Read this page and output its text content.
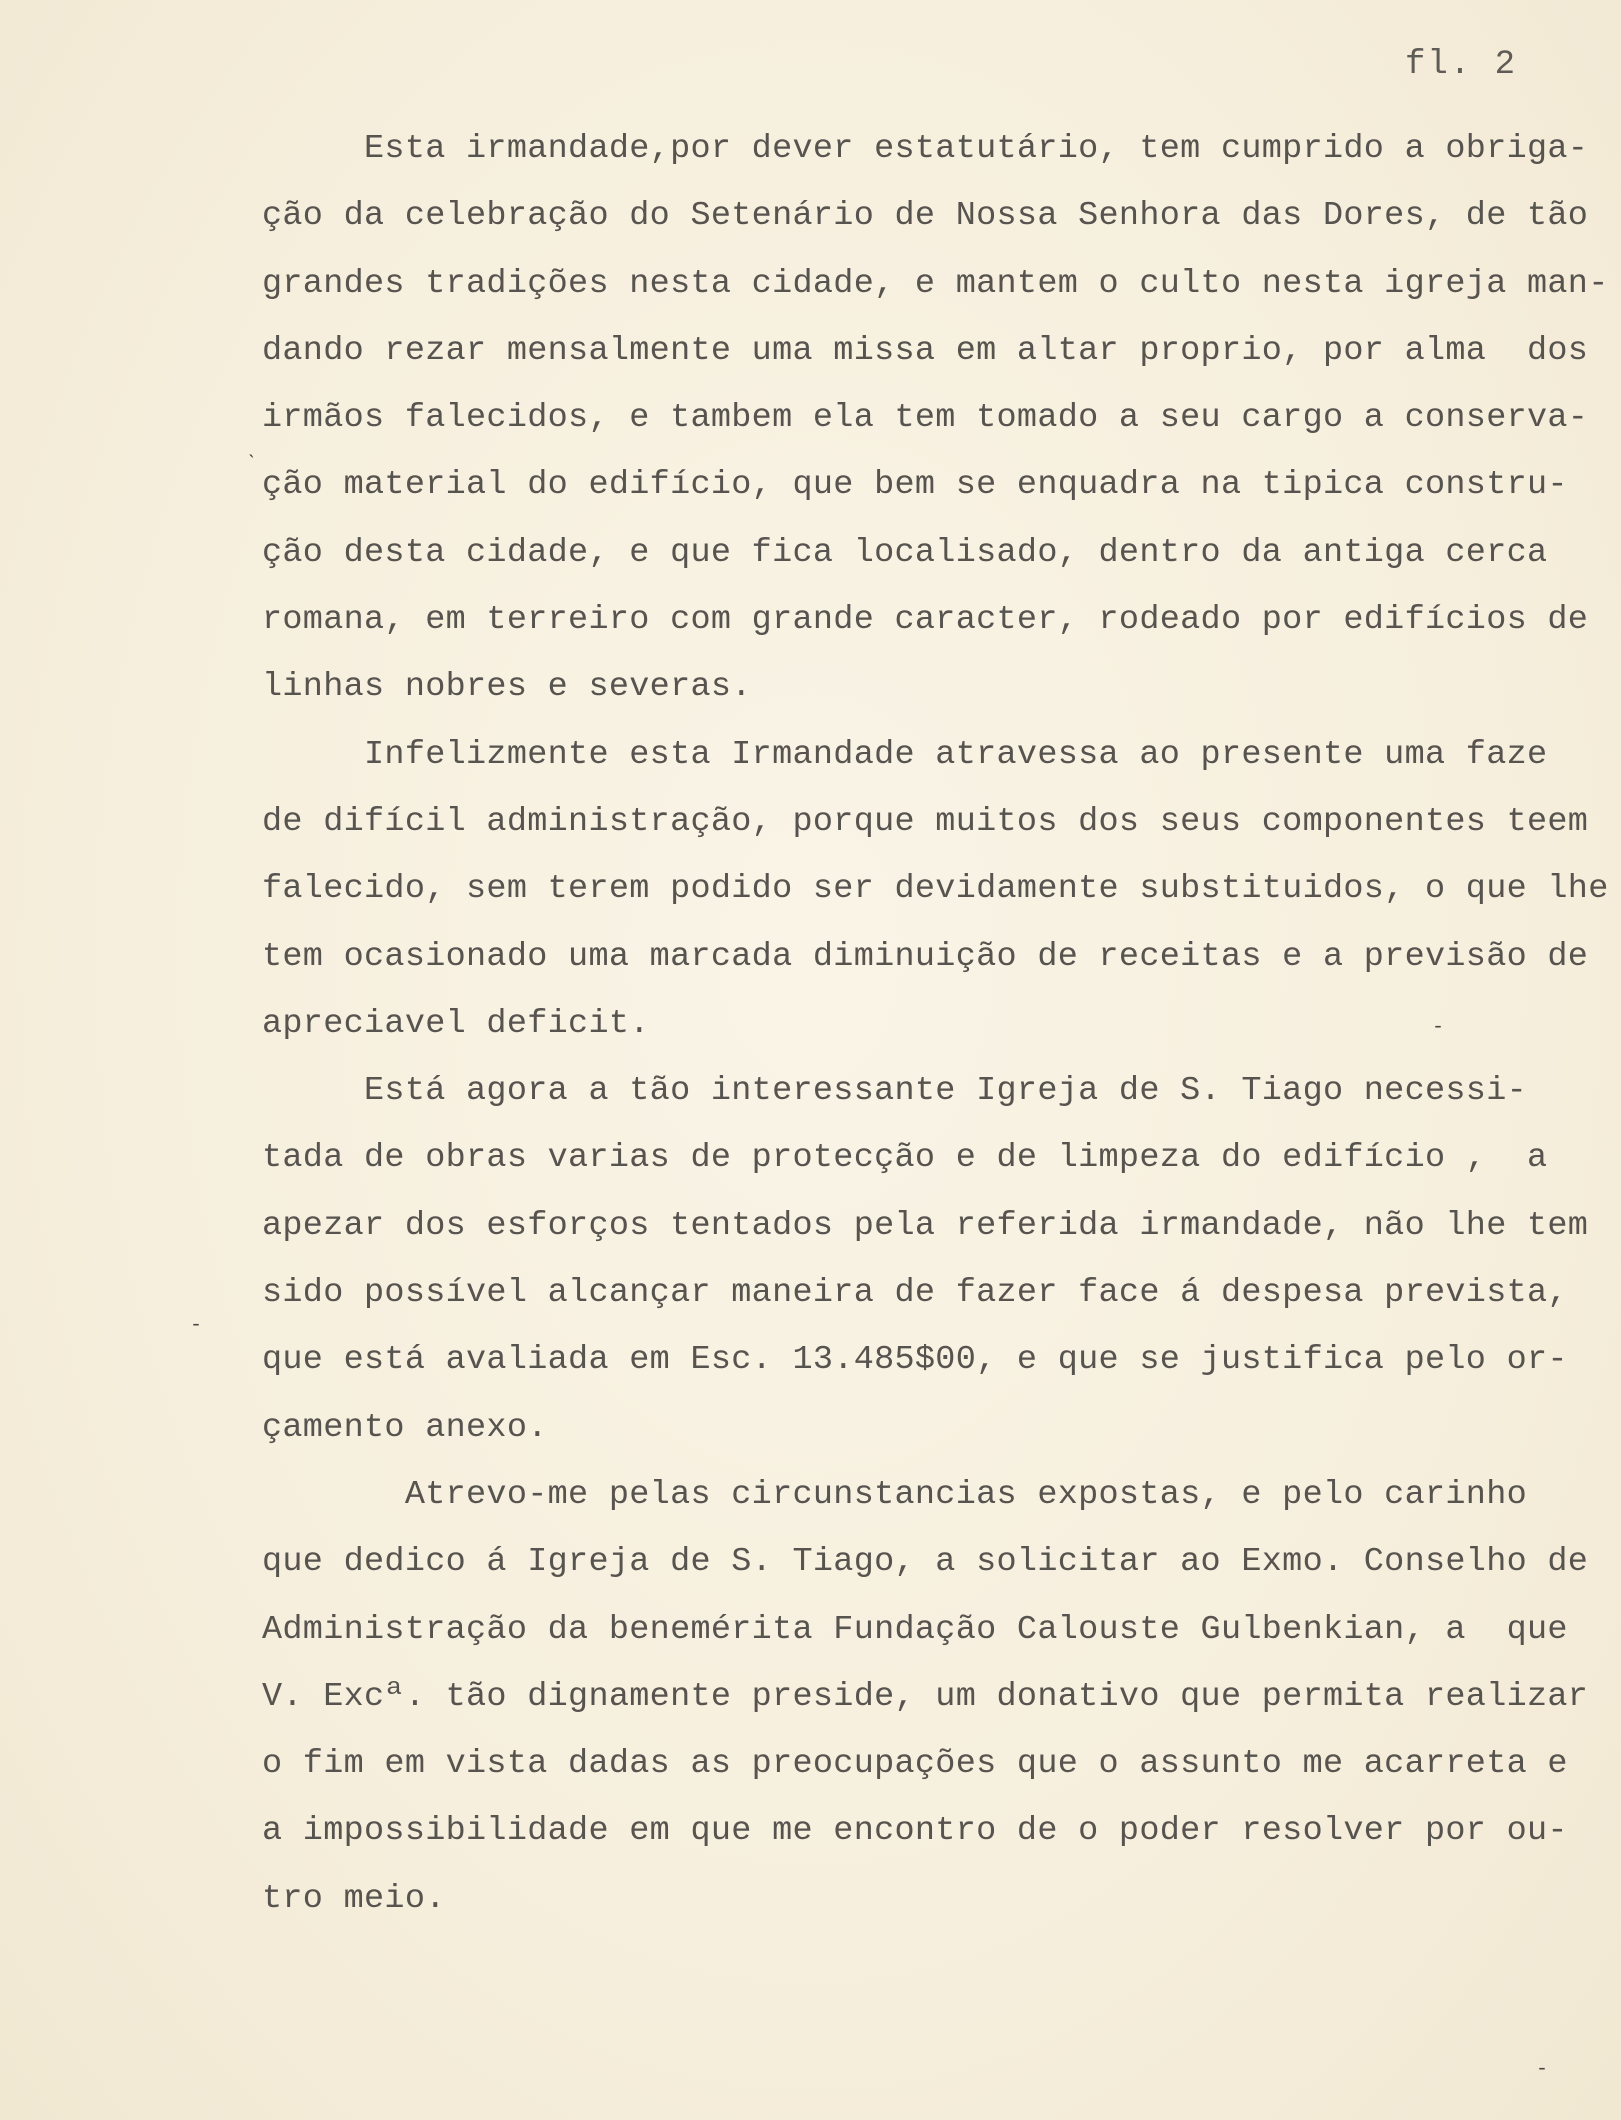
fl. 2
Esta irmandade,por dever estatutário, tem cumprido a obriga-
ção da celebração do Setenário de Nossa Senhora das Dores, de tão
grandes tradições nesta cidade, e mantem o culto nesta igreja man-
dando rezar mensalmente uma missa em altar proprio, por alma  dos
irmãos falecidos, e tambem ela tem tomado a seu cargo a conserva-
ção material do edifício, que bem se enquadra na tipica constru-
ção desta cidade, e que fica localisado, dentro da antiga cerca
romana, em terreiro com grande caracter, rodeado por edifícios de
linhas nobres e severas.
Infelizmente esta Irmandade atravessa ao presente uma faze
de difícil administração, porque muitos dos seus componentes teem
falecido, sem terem podido ser devidamente substituidos, o que lhe
tem ocasionado uma marcada diminuição de receitas e a previsão de
apreciavel deficit.
Está agora a tão interessante Igreja de S. Tiago necessi-
tada de obras varias de protecção e de limpeza do edifício ,  a
apezar dos esforços tentados pela referida irmandade, não lhe tem
sido possível alcançar maneira de fazer face á despesa prevista,
que está avaliada em Esc. 13.485$00, e que se justifica pelo or-
çamento anexo.
Atrevo-me pelas circunstancias expostas, e pelo carinho
que dedico á Igreja de S. Tiago, a solicitar ao Exmo. Conselho de
Administração da benemérita Fundação Calouste Gulbenkian, a  que
V. Excª. tão dignamente preside, um donativo que permita realizar
o fim em vista dadas as preocupações que o assunto me acarreta e
a impossibilidade em que me encontro de o poder resolver por ou-
tro meio.
˴
-
-
-
